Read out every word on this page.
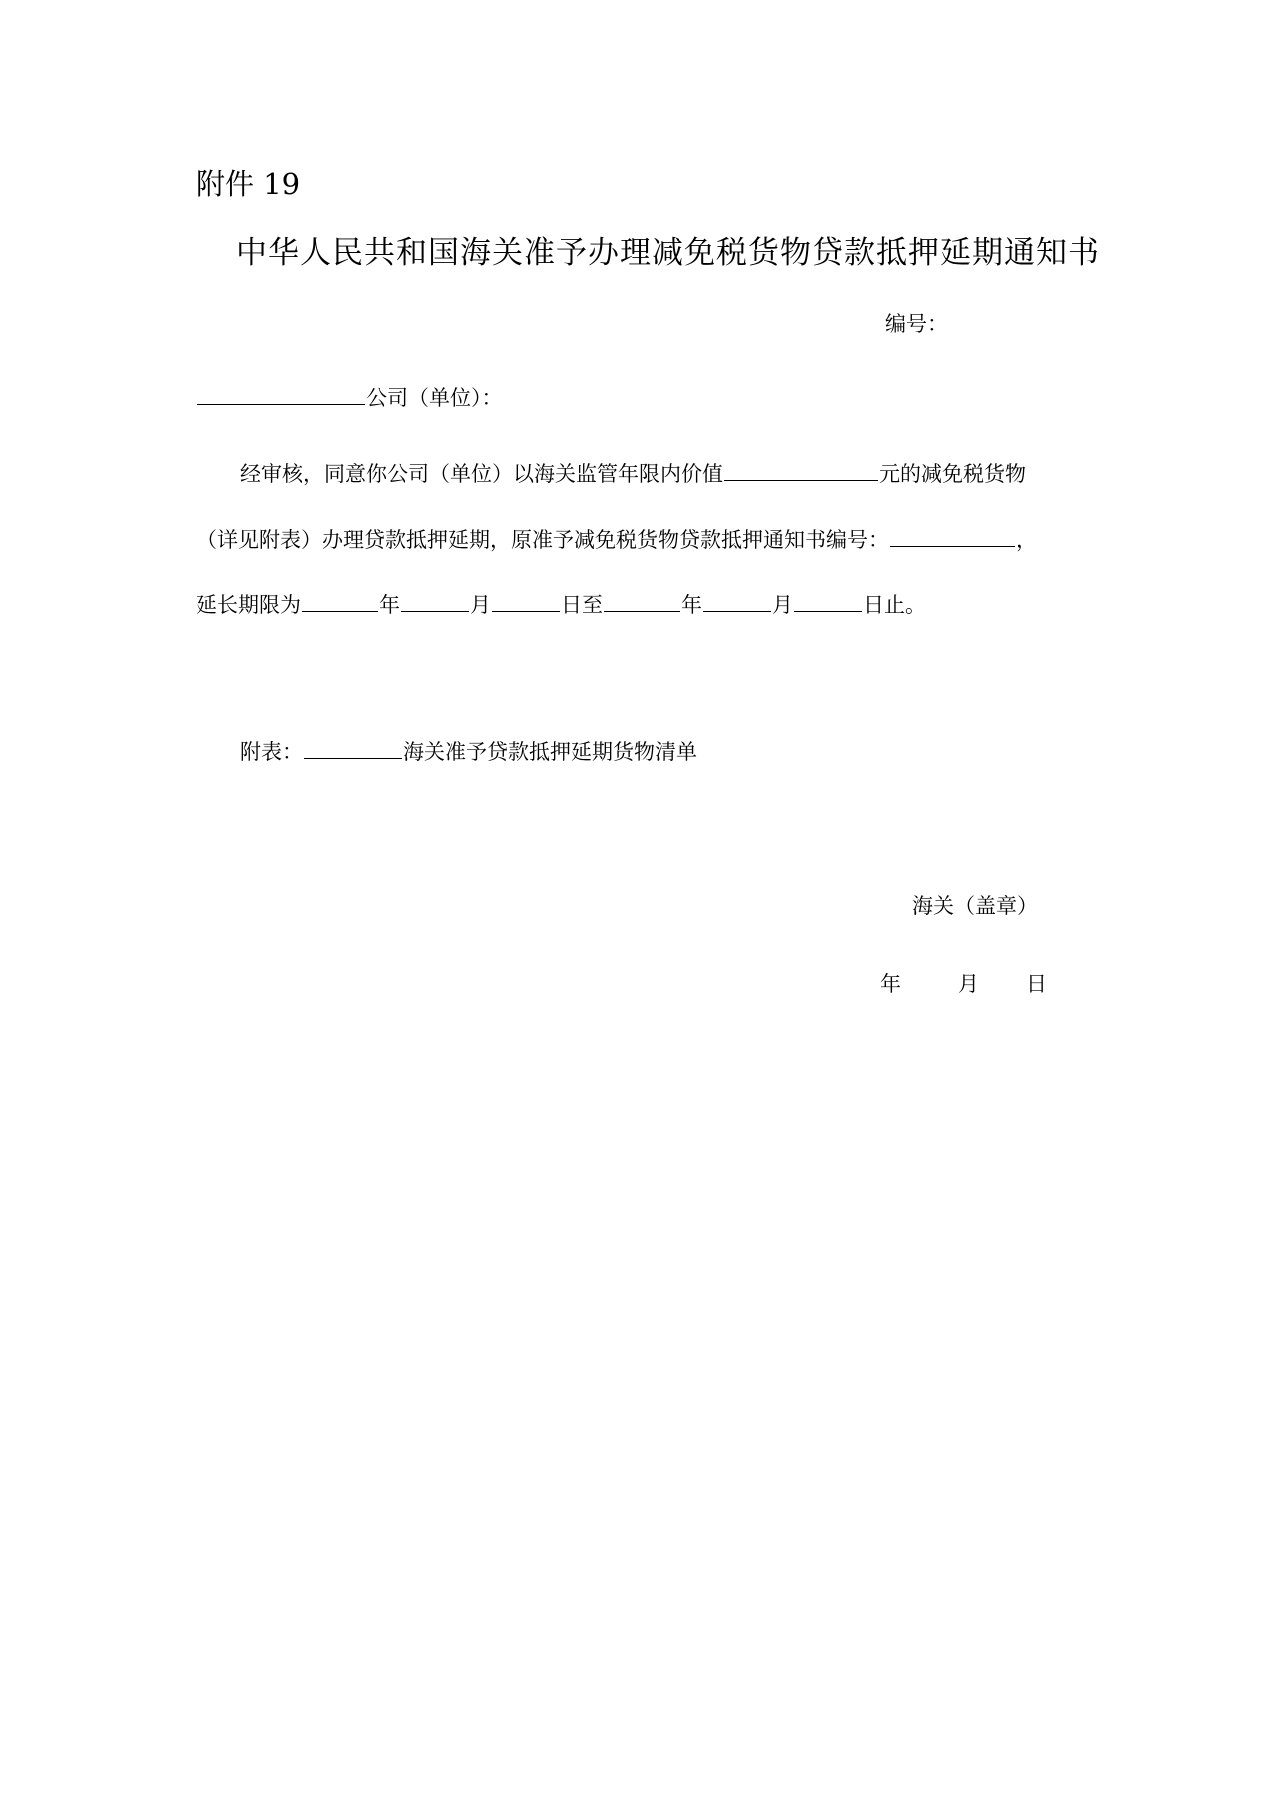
附件 19
中华人民共和国海关准予办理减免税货物贷款抵押延期通知书
编号：
公司（单位）：
经审核，同意你公司（单位）以海关监管年限内价值	元的减免税货物
（详见附表）办理贷款抵押延期，原准予减免税货物贷款抵押通知书编号：	，
延长期限为	年	月	日至	年	月	日止。
附表：	海关准予贷款抵押延期货物清单
海关（盖章）
年	月 日
